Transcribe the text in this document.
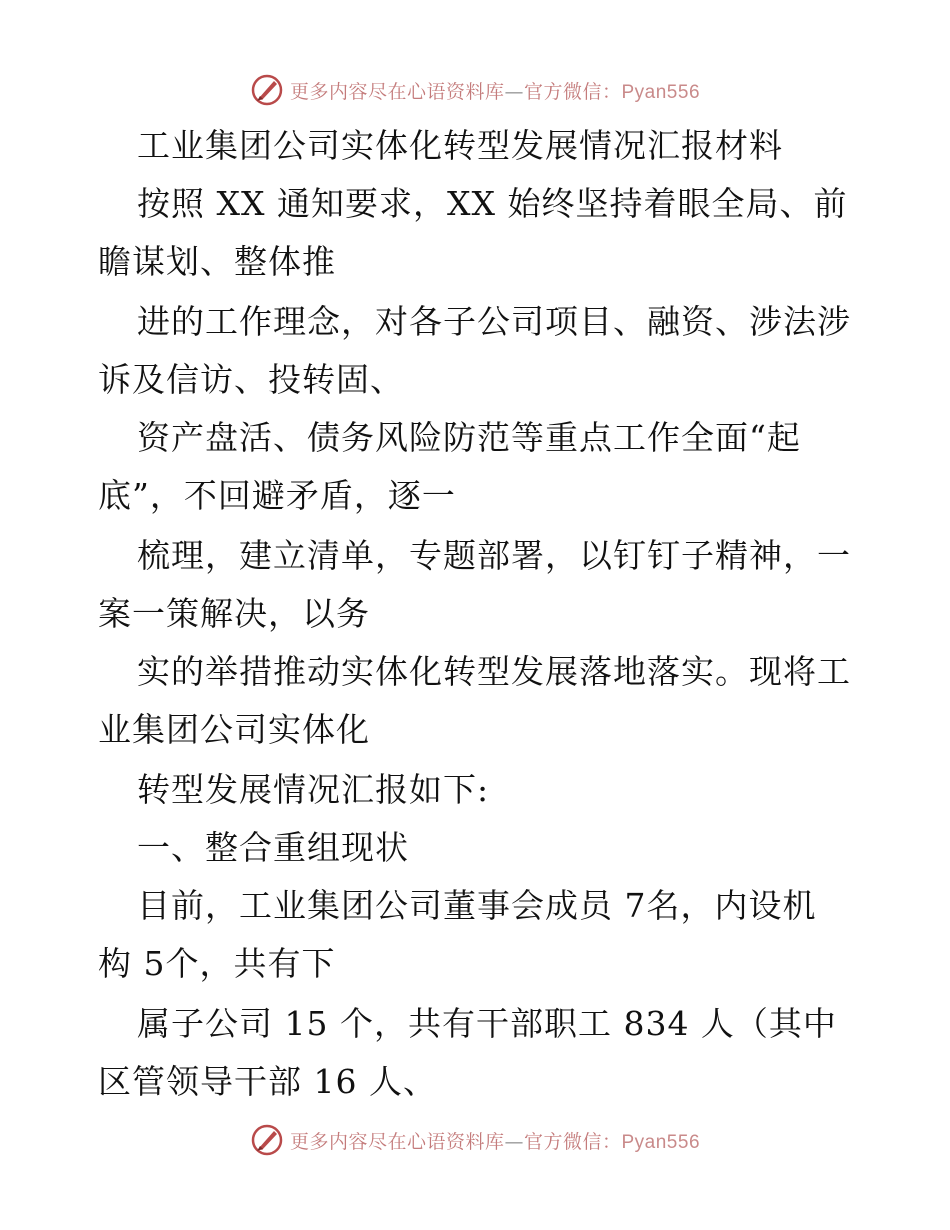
更多内容尽在心语资料库—官方微信：Pyan556
工业集团公司实体化转型发展情况汇报材料
按照 XX 通知要求，XX 始终坚持着眼全局、前
瞻谋划、整体推
进的工作理念，对各子公司项目、融资、涉法涉
诉及信访、投转固、
资产盘活、债务风险防范等重点工作全面“起
底”，不回避矛盾，逐一
梳理，建立清单，专题部署，以钉钉子精神，一
案一策解决，以务
实的举措推动实体化转型发展落地落实。现将工
业集团公司实体化
转型发展情况汇报如下:
一、整合重组现状
目前，工业集团公司董事会成员 7名，内设机
构 5个，共有下
属子公司 15 个，共有干部职工 834 人（其中
区管领导干部 16 人、
更多内容尽在心语资料库—官方微信：Pyan556
